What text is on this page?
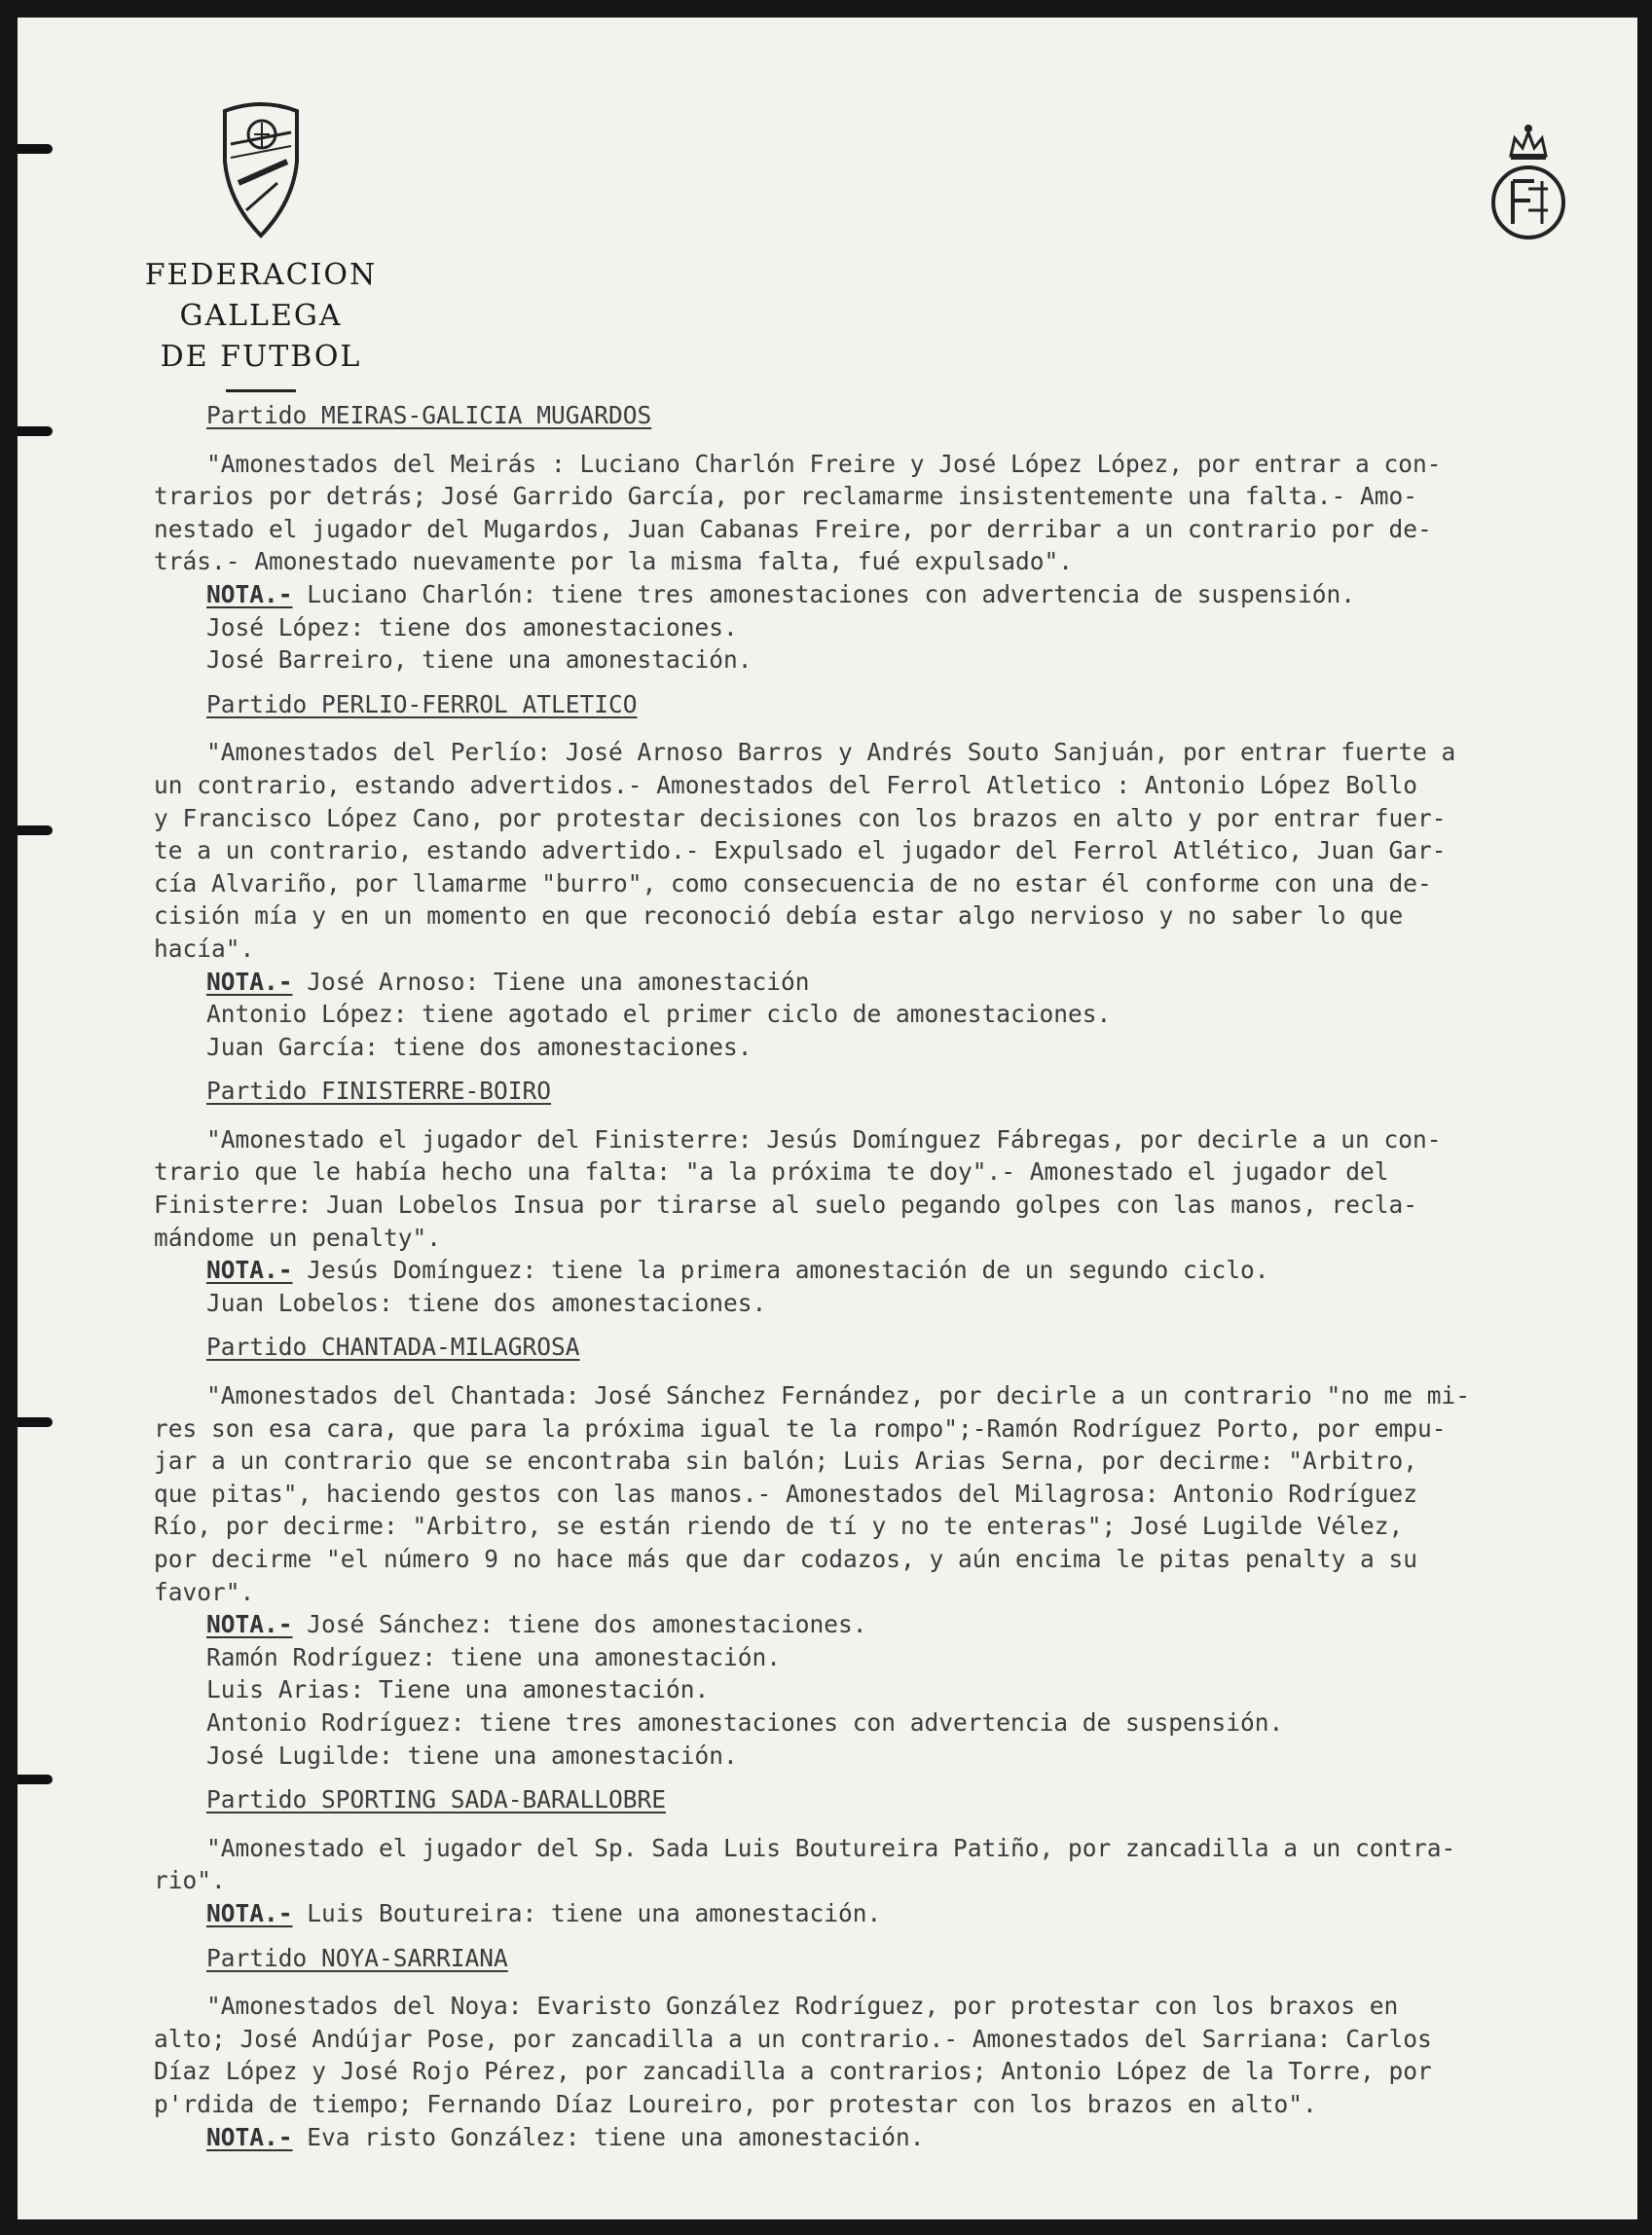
FEDERACION GALLEGA
DE FUTBOL
Partido MEIRAS-GALICIA MUGARDOS
"Amonestados del Meirás : Luciano Charlón Freire y José López López, por entrar a con-
trarios por detrás; José Garrido García, por reclamarme insistentemente una falta.- Amo-
nestado el jugador del Mugardos, Juan Cabanas Freire, por derribar a un contrario por de-
trás.- Amonestado nuevamente por la misma falta, fué expulsado".
NOTA.- Luciano Charlón: tiene tres amonestaciones con advertencia de suspensión.
José López: tiene dos amonestaciones.
José Barreiro, tiene una amonestación.
Partido PERLIO-FERROL ATLETICO
"Amonestados del Perlío: José Arnoso Barros y Andrés Souto Sanjuán, por entrar fuerte a
un contrario, estando advertidos.- Amonestados del Ferrol Atletico : Antonio López Bollo
y Francisco López Cano, por protestar decisiones con los brazos en alto y por entrar fuer-
te a un contrario, estando advertido.- Expulsado el jugador del Ferrol Atlético, Juan Gar-
cía Alvariño, por llamarme "burro", como consecuencia de no estar él conforme con una de-
cisión mía y en un momento en que reconoció debía estar algo nervioso y no saber lo que
hacía".
NOTA.- José Arnoso: Tiene una amonestación
Antonio López: tiene agotado el primer ciclo de amonestaciones.
Juan García: tiene dos amonestaciones.
Partido FINISTERRE-BOIRO
"Amonestado el jugador del Finisterre: Jesús Domínguez Fábregas, por decirle a un con-
trario que le había hecho una falta: "a la próxima te doy".- Amonestado el jugador del
Finisterre: Juan Lobelos Insua por tirarse al suelo pegando golpes con las manos, recla-
mándome un penalty".
NOTA.- Jesús Domínguez: tiene la primera amonestación de un segundo ciclo.
Juan Lobelos: tiene dos amonestaciones.
Partido CHANTADA-MILAGROSA
"Amonestados del Chantada: José Sánchez Fernández, por decirle a un contrario "no me mi-
res son esa cara, que para la próxima igual te la rompo";-Ramón Rodríguez Porto, por empu-
jar a un contrario que se encontraba sin balón; Luis Arias Serna, por decirme: "Arbitro,
que pitas", haciendo gestos con las manos.- Amonestados del Milagrosa: Antonio Rodríguez
Río, por decirme: "Arbitro, se están riendo de tí y no te enteras"; José Lugilde Vélez,
por decirme "el número 9 no hace más que dar codazos, y aún encima le pitas penalty a su
favor".
NOTA.- José Sánchez: tiene dos amonestaciones.
Ramón Rodríguez: tiene una amonestación.
Luis Arias: Tiene una amonestación.
Antonio Rodríguez: tiene tres amonestaciones con advertencia de suspensión.
José Lugilde: tiene una amonestación.
Partido SPORTING SADA-BARALLOBRE
"Amonestado el jugador del Sp. Sada Luis Boutureira Patiño, por zancadilla a un contra-
rio".
NOTA.- Luis Boutureira: tiene una amonestación.
Partido NOYA-SARRIANA
"Amonestados del Noya: Evaristo González Rodríguez, por protestar con los braxos en
alto; José Andújar Pose, por zancadilla a un contrario.- Amonestados del Sarriana: Carlos
Díaz López y José Rojo Pérez, por zancadilla a contrarios; Antonio López de la Torre, por
p'rdida de tiempo; Fernando Díaz Loureiro, por protestar con los brazos en alto".
NOTA.- Eva risto González: tiene una amonestación.
